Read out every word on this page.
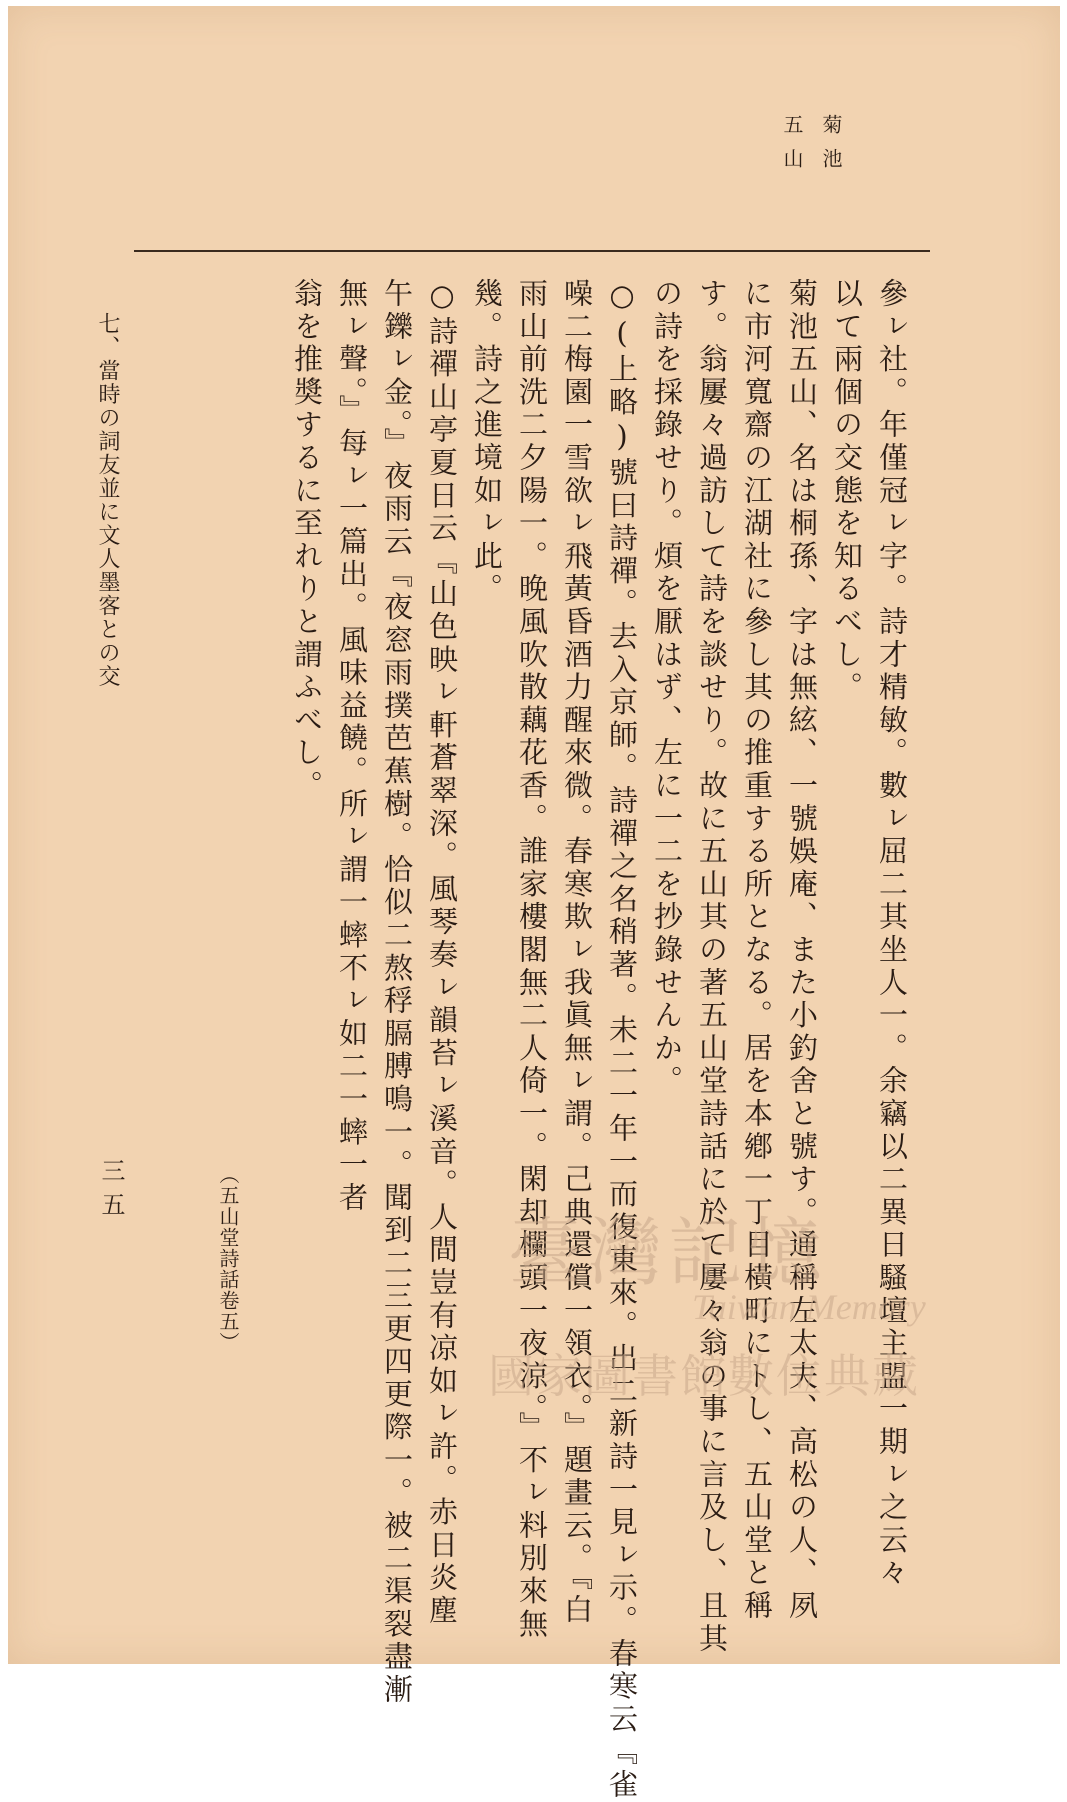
菊池

五山

參ㇾ社。年僅冠ㇾ字。詩才精敏。數ㇾ屈二其坐人一。余竊以二異日騷壇主盟一期ㇾ之云々

以て兩個の交態を知るべし。

菊池五山、名は桐孫、字は無絃、一號娛庵、また小釣舍と號す。通稱左太夫、高松の人、夙

に市河寬齋の江湖社に參し其の推重する所となる。居を本鄕一丁目橫町にトし、五山堂と稱

す。翁屢々過訪して詩を談せり。故に五山其の著五山堂詩話に於て屢々翁の事に言及し、且其

の詩を採錄せり。煩を厭はず、左に一二を抄錄せんか。

○(上略)號曰詩禪。去入京師。詩禪之名稍著。未二一年一而復東來。出二新詩一見ㇾ示。春寒云『雀

噪二梅園一雪欲ㇾ飛黃昏酒力醒來微。春寒欺ㇾ我眞無ㇾ謂。己典還償一領衣。』題畫云。『白

雨山前洗二夕陽一。晚風吹散藕花香。誰家樓閣無二人倚一。閑却欄頭一夜涼。』不ㇾ料別來無

幾。詩之進境如ㇾ此。

○詩禪山亭夏日云『山色映ㇾ軒蒼翠深。風琴奏ㇾ韻苔ㇾ溪音。人間豈有凉如ㇾ許。赤日炎塵

午鑠ㇾ金。』夜雨云『夜窓雨撲芭蕉樹。恰似二熬稃膈膊鳴一。聞到二三更四更際一。被二渠裂盡漸

無ㇾ聲。』每ㇾ一篇出。風味益饒。所ㇾ謂一蟀不ㇾ如二一蟀一者

翁を推奬するに至れりと謂ふべし。

（五山堂詩話卷五）

七、當時の詞友並に文人墨客との交

三五

臺灣記憶
Taiwan Memory
國家圖書館數位典藏
